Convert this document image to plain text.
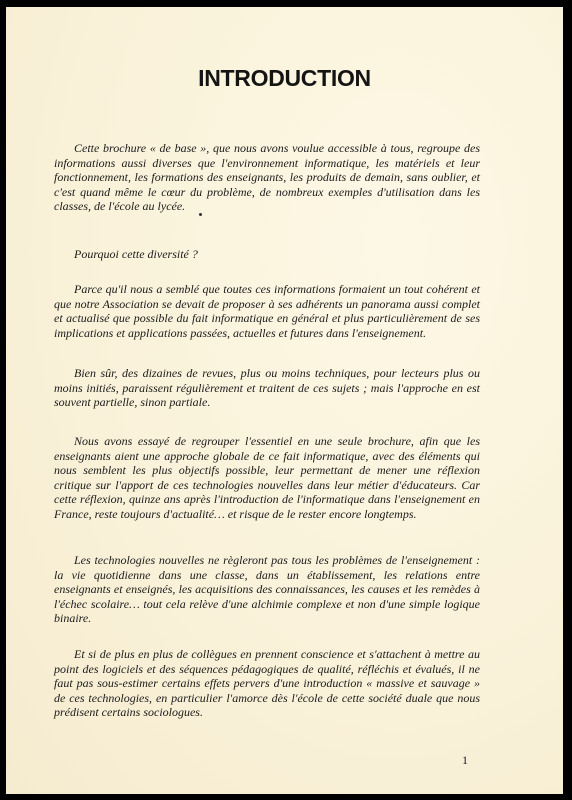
INTRODUCTION

Cette brochure « de base », que nous avons voulue accessible à tous, regroupe des informations aussi diverses que l'environnement informatique, les matériels et leur fonctionnement, les formations des enseignants, les produits de demain, sans oublier, et c'est quand même le cœur du problème, de nombreux exemples d'utilisation dans les classes, de l'école au lycée.

Pourquoi cette diversité ?

Parce qu'il nous a semblé que toutes ces informations formaient un tout cohérent et que notre Association se devait de proposer à ses adhérents un panorama aussi complet et actualisé que possible du fait informatique en général et plus particulièrement de ses implications et applications passées, actuelles et futures dans l'enseignement.

Bien sûr, des dizaines de revues, plus ou moins techniques, pour lecteurs plus ou moins initiés, paraissent régulièrement et traitent de ces sujets ; mais l'approche en est souvent partielle, sinon partiale.

Nous avons essayé de regrouper l'essentiel en une seule brochure, afin que les enseignants aient une approche globale de ce fait informatique, avec des éléments qui nous semblent les plus objectifs possible, leur permettant de mener une réflexion critique sur l'apport de ces technologies nouvelles dans leur métier d'éducateurs. Car cette réflexion, quinze ans après l'introduction de l'informatique dans l'enseignement en France, reste toujours d'actualité… et risque de le rester encore longtemps.

Les technologies nouvelles ne règleront pas tous les problèmes de l'enseignement : la vie quotidienne dans une classe, dans un établissement, les relations entre enseignants et enseignés, les acquisitions des connaissances, les causes et les remèdes à l'échec scolaire… tout cela relève d'une alchimie complexe et non d'une simple logique binaire.

Et si de plus en plus de collègues en prennent conscience et s'attachent à mettre au point des logiciels et des séquences pédagogiques de qualité, réfléchis et évalués, il ne faut pas sous-estimer certains effets pervers d'une introduction « massive et sauvage » de ces technologies, en particulier l'amorce dès l'école de cette société duale que nous prédisent certains sociologues.

1
